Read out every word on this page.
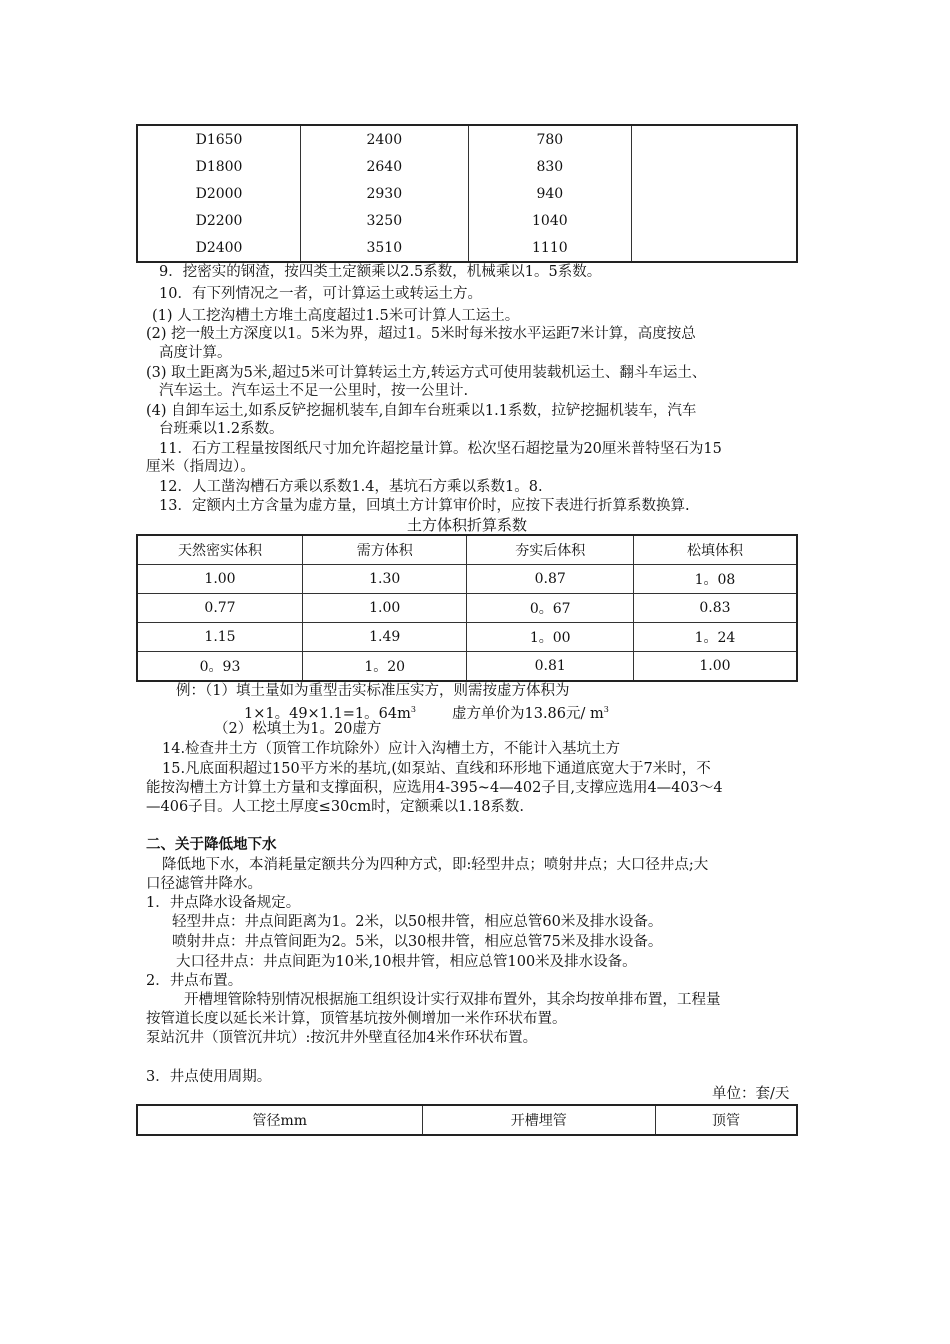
D1650	2400	780	
D1800	2640	830	
D2000	2930	940	
D2200	3250	1040	
D2400	3510	1110	
9．挖密实的钢渣，按四类土定额乘以2.5系数，机械乘以1。5系数。
10．有下列情况之一者，可计算运土或转运土方。
(1) 人工挖沟槽土方堆土高度超过1.5米可计算人工运土。
(2) 挖一般土方深度以1。5米为界，超过1。5米时每米按水平运距7米计算，高度按总
高度计算。
(3) 取土距离为5米,超过5米可计算转运土方,转运方式可使用装载机运土、翻斗车运土、
汽车运土。汽车运土不足一公里时，按一公里计.
(4) 自卸车运土,如系反铲挖掘机装车,自卸车台班乘以1.1系数，拉铲挖掘机装车，汽车
台班乘以1.2系数。
11．石方工程量按图纸尺寸加允许超挖量计算。松次坚石超挖量为20厘米普特坚石为15
厘米（指周边）。
12．人工凿沟槽石方乘以系数1.4，基坑石方乘以系数1。8.
13．定额内土方含量为虚方量，回填土方计算审价时，应按下表进行折算系数换算.
土方体积折算系数
天然密实体积	需方体积	夯实后体积	松填体积
1.00	1.30	0.87	1。08
0.77	1.00	0。67	0.83
1.15	1.49	1。00	1。24
0。93	1。20	0.81	1.00
例：（1）填土量如为重型击实标准压实方，则需按虚方体积为
1×1。49×1.1=1。$64m^3$ 虚方单价为13.86元/ $m^3$
（2）松填土为1。20虚方
14.检查井土方（顶管工作坑除外）应计入沟槽土方，不能计入基坑土方
15.凡底面积超过150平方米的基坑,(如泵站、直线和环形地下通道底宽大于7米时，不
能按沟槽土方计算土方量和支撑面积，应选用4-395~4—402子目,支撑应选用4—403～4
—406子目。人工挖土厚度≤30cm时，定额乘以1.18系数.
二、关于降低地下水
降低地下水，本消耗量定额共分为四种方式，即:轻型井点；喷射井点；大口径井点;大
口径滤管井降水。
1．井点降水设备规定。
轻型井点：井点间距离为1。2米，以50根井管，相应总管60米及排水设备。
喷射井点：井点管间距为2。5米，以30根井管，相应总管75米及排水设备。
大口径井点：井点间距为10米,10根井管，相应总管100米及排水设备。
2．井点布置。
开槽埋管除特别情况根据施工组织设计实行双排布置外，其余均按单排布置，工程量
按管道长度以延长米计算，顶管基坑按外侧增加一米作环状布置。
泵站沉井（顶管沉井坑）:按沉井外壁直径加4米作环状布置。
3．井点使用周期。
单位：套/天
管径mm	开槽埋管	顶管
